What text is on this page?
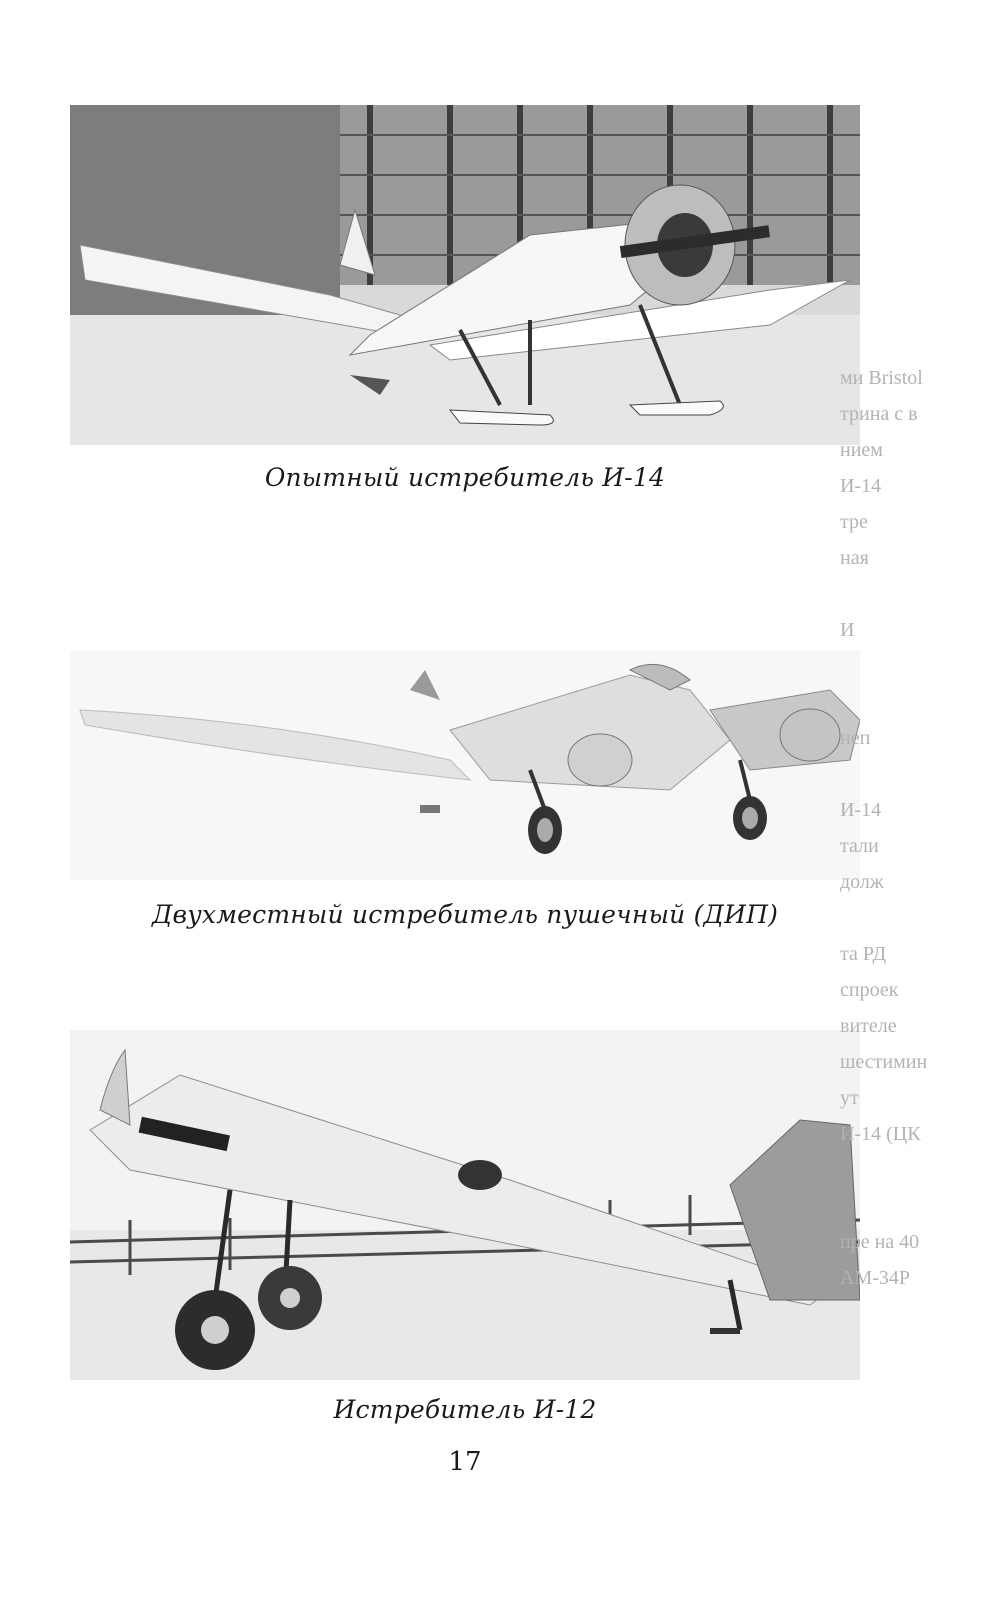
Опытный истребитель И-14
Двухместный истребитель пушечный (ДИП)
Истребитель И-12
17
ми Bristol
трина с в
нием
И-14
тре
ная

И

неп

И-14
тали
долж

та РД
спроек
вителе
шестимин
ут
И-14 (ЦК

пре на 40
АМ-34Р
